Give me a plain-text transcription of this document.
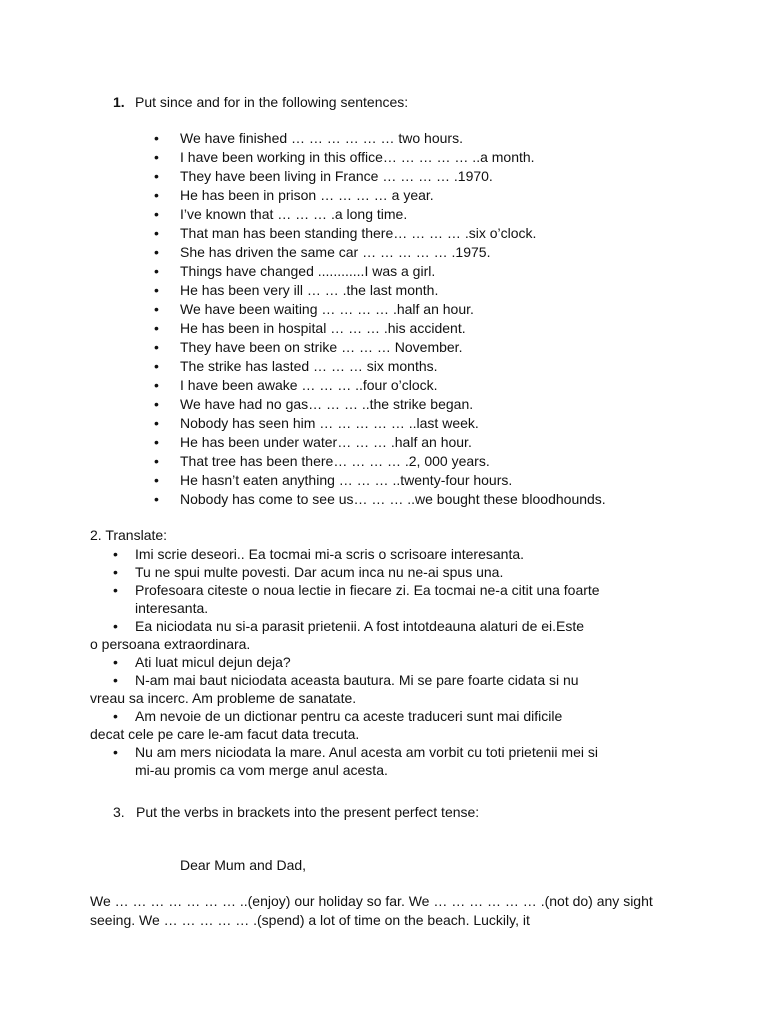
1. Put since and for in the following sentences:
• We have finished … … … … … … two hours.
• I have been working in this office… … … … … ..a month.
• They have been living in France … … … … .1970.
• He has been in prison … … … … a year.
• I’ve known that … … … .a long time.
• That man has been standing there… … … … .six o’clock.
• She has driven the same car … … … … … .1975.
• Things have changed ............I was a girl.
• He has been very ill … … .the last month.
• We have been waiting … … … … .half an hour.
• He has been in hospital … … … .his accident.
• They have been on strike … … … November.
• The strike has lasted … … … six months.
• I have been awake … … … ..four o’clock.
• We have had no gas… … … ..the strike began.
• Nobody has seen him … … … … … ..last week.
• He has been under water… … … .half an hour.
• That tree has been there… … … … .2, 000 years.
• He hasn’t eaten anything … … … ..twenty-four hours.
• Nobody has come to see us… … … ..we bought these bloodhounds.
2. Translate:
• Imi scrie deseori.. Ea tocmai mi-a scris o scrisoare interesanta.
• Tu ne spui multe povesti. Dar acum inca nu ne-ai spus una.
• Profesoara citeste o noua lectie in fiecare zi. Ea tocmai ne-a citit una foarte
interesanta.
• Ea niciodata nu si-a parasit prietenii. A fost intotdeauna alaturi de ei.Este
o persoana extraordinara.
• Ati luat micul dejun deja?
• N-am mai baut niciodata aceasta bautura. Mi se pare foarte cidata si nu
vreau sa incerc. Am probleme de sanatate.
• Am nevoie de un dictionar pentru ca aceste traduceri sunt mai dificile
decat cele pe care le-am facut data trecuta.
• Nu am mers niciodata la mare. Anul acesta am vorbit cu toti prietenii mei si
mi-au promis ca vom merge anul acesta.
3. Put the verbs in brackets into the present perfect tense:
Dear Mum and Dad,
We … … … … … … … ..(enjoy) our holiday so far. We … … … … … … .(not do) any sight
seeing. We … … … … … .(spend) a lot of time on the beach. Luckily, it
